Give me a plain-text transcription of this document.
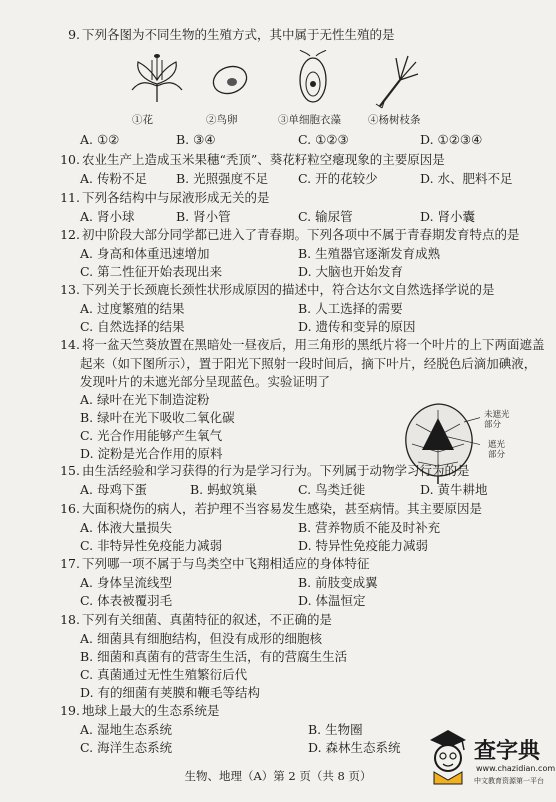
9. 下列各图为不同生物的生殖方式，其中属于无性生殖的是
①花	②鸟卵	③单细胞衣藻	④杨树枝条
A. ①②	B. ③④	C. ①②③	D. ①②③④
10. 农业生产上造成玉米果穗“秃顶”、葵花籽粒空瘪现象的主要原因是
A. 传粉不足 B. 光照强度不足 C. 开的花较少	D. 水、肥料不足
11. 下列各结构中与尿液形成无关的是
A. 肾小球	B. 肾小管	C. 输尿管	D. 肾小囊
12. 初中阶段大部分同学都已进入了青春期。下列各项中不属于青春期发育特点的是
A. 身高和体重迅速增加	B. 生殖器官逐渐发育成熟
C. 第二性征开始表现出来	D. 大脑也开始发育
13. 下列关于长颈鹿长颈性状形成原因的描述中，符合达尔文自然选择学说的是
A. 过度繁殖的结果	B. 人工选择的需要
C. 自然选择的结果	D. 遗传和变异的原因
14. 将一盆天竺葵放置在黑暗处一昼夜后，用三角形的黑纸片将一个叶片的上下两面遮盖
起来（如下图所示），置于阳光下照射一段时间后，摘下叶片，经脱色后滴加碘液，
发现叶片的未遮光部分呈现蓝色。实验证明了
A. 绿叶在光下制造淀粉
B. 绿叶在光下吸收二氧化碳
C. 光合作用能够产生氧气
D. 淀粉是光合作用的原料
未遮光
部分
遮光
部分
15. 由生活经验和学习获得的行为是学习行为。下列属于动物学习行为的是
A. 母鸡下蛋	B. 蚂蚁筑巢	C. 鸟类迁徙	D. 黄牛耕地
16. 大面积烧伤的病人，若护理不当容易发生感染，甚至病情。其主要原因是
A. 体液大量损失	B. 营养物质不能及时补充
C. 非特异性免疫能力减弱	D. 特异性免疫能力减弱
17. 下列哪一项不属于与鸟类空中飞翔相适应的身体特征
A. 身体呈流线型	B. 前肢变成翼
C. 体表被覆羽毛	D. 体温恒定
18. 下列有关细菌、真菌特征的叙述，不正确的是
A. 细菌具有细胞结构，但没有成形的细胞核
B. 细菌和真菌有的营寄生生活，有的营腐生生活
C. 真菌通过无性生殖繁衍后代
D. 有的细菌有荚膜和鞭毛等结构
19. 地球上最大的生态系统是
A. 湿地生态系统	B. 生物圈
C. 海洋生态系统	D. 森林生态系统
生物、地理（A）第 2 页（共 8 页）
查字典
www.chazidian.com
中文教育资源第一平台
